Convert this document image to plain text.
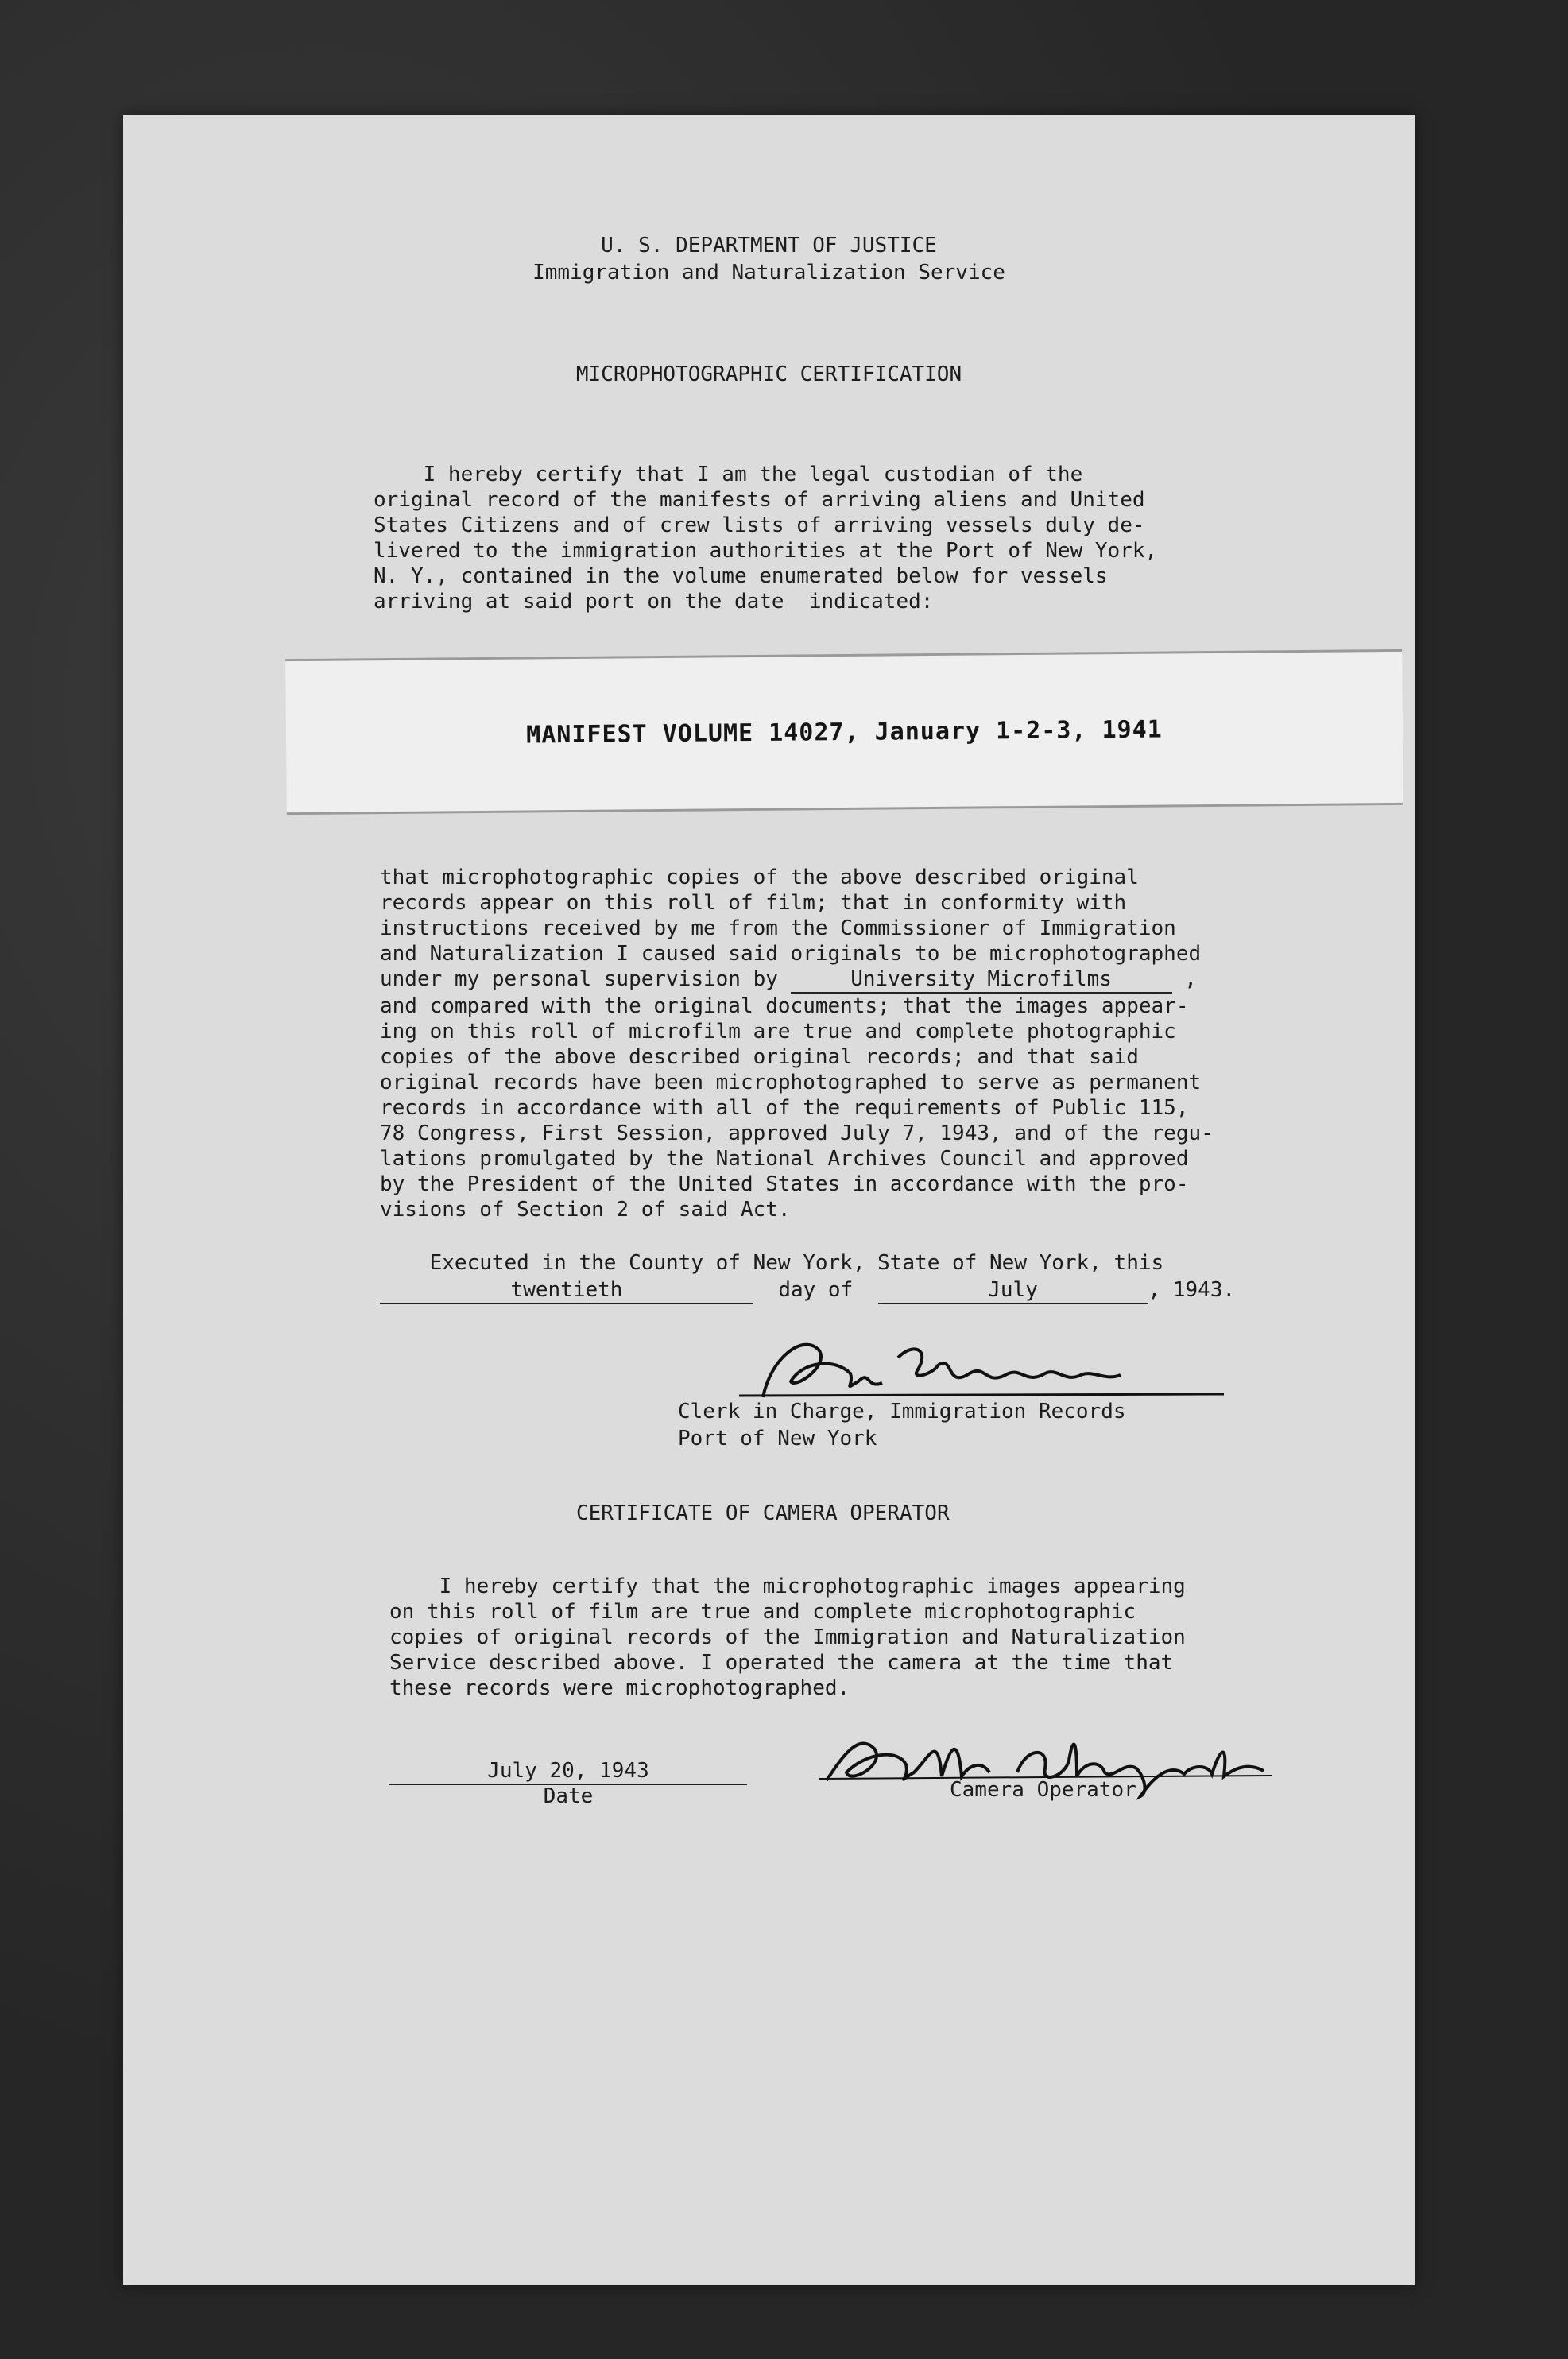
U. S. DEPARTMENT OF JUSTICE
Immigration and Naturalization Service
MICROPHOTOGRAPHIC CERTIFICATION
I hereby certify that I am the legal custodian of the
original record of the manifests of arriving aliens and United
States Citizens and of crew lists of arriving vessels duly de-
livered to the immigration authorities at the Port of New York,
N. Y., contained in the volume enumerated below for vessels
arriving at said port on the date  indicated:
MANIFEST VOLUME 14027, January 1-2-3, 1941
that microphotographic copies of the above described original
records appear on this roll of film; that in conformity with
instructions received by me from the Commissioner of Immigration
and Naturalization I caused said originals to be microphotographed
under my personal supervision by	University Microfilms	,
and compared with the original documents; that the images appear-
ing on this roll of microfilm are true and complete photographic
copies of the above described original records; and that said
original records have been microphotographed to serve as permanent
records in accordance with all of the requirements of Public 115,
78 Congress, First Session, approved July 7, 1943, and of the regu-
lations promulgated by the National Archives Council and approved
by the President of the United States in accordance with the pro-
visions of Section 2 of said Act.
Executed in the County of New York, State of New York, this
twentieth	day of	July	, 1943.
Clerk in Charge, Immigration Records
Port of New York
CERTIFICATE OF CAMERA OPERATOR
I hereby certify that the microphotographic images appearing
on this roll of film are true and complete microphotographic
copies of original records of the Immigration and Naturalization
Service described above. I operated the camera at the time that
these records were microphotographed.
July 20, 1943
Date	Camera Operator
